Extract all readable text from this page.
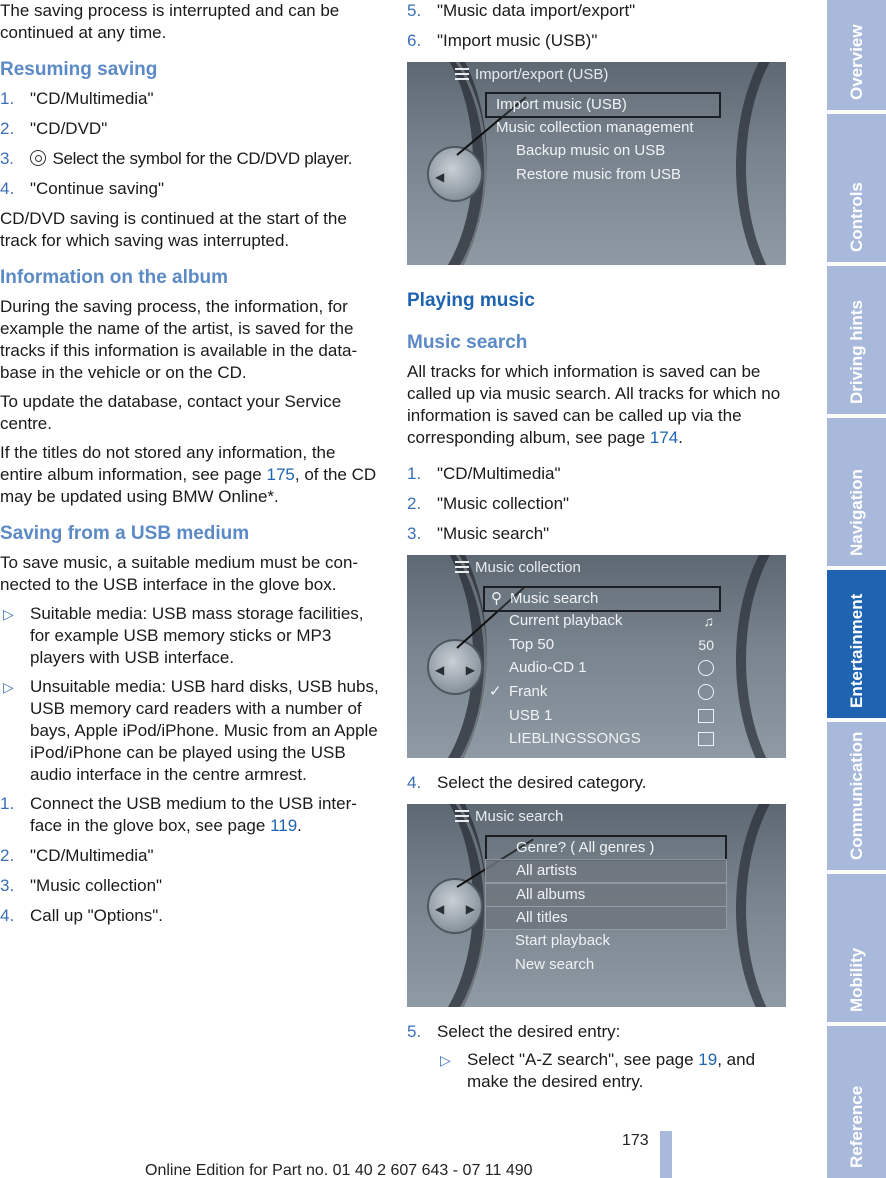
The saving process is interrupted and can be continued at any time.

Resuming saving
1. "CD/Multimedia"
2. "CD/DVD"
3. Select the symbol for the CD/DVD player.
4. "Continue saving"

CD/DVD saving is continued at the start of the track for which saving was interrupted.

Information on the album

During the saving process, the information, for example the name of the artist, is saved for the tracks if this information is available in the data-base in the vehicle or on the CD.

To update the database, contact your Service centre.

If the titles do not stored any information, the entire album information, see page 175, of the CD may be updated using BMW Online*.

Saving from a USB medium

To save music, a suitable medium must be con-nected to the USB interface in the glove box.

▷ Suitable media: USB mass storage facilities, for example USB memory sticks or MP3 players with USB interface.
▷ Unsuitable media: USB hard disks, USB hubs, USB memory card readers with a number of bays, Apple iPod/iPhone. Music from an Apple iPod/iPhone can be played using the USB audio interface in the centre armrest.
1. Connect the USB medium to the USB inter-face in the glove box, see page 119.
2. "CD/Multimedia"
3. "Music collection"
4. Call up "Options".
5. "Music data import/export"
6. "Import music (USB)"
◀
Import/export (USB)
Import music (USB)
Music collection management
Backup music on USB
Restore music from USB
Playing music
Music search

All tracks for which information is saved can be called up via music search. All tracks for which no information is saved can be called up via the corresponding album, see page 174.

1. "CD/Multimedia"
2. "Music collection"
3. "Music search"
◀ ▶
Music collection
⚲ Music search
Current playback	♫
Top 50	50
Audio-CD 1
✓ Frank
USB 1
LIEBLINGSSONGS
4. Select the desired category.
◀ ▶
Music search
Genre? ( All genres )
All artists
All albums
All titles
Start playback
New search
5. Select the desired entry:
▷ Select "A-Z search", see page 19, and make the desired entry.
Overview
Controls
Driving hints
Navigation
Entertainment
Communication
Mobility
Reference
173
Online Edition for Part no. 01 40 2 607 643 - 07 11 490
